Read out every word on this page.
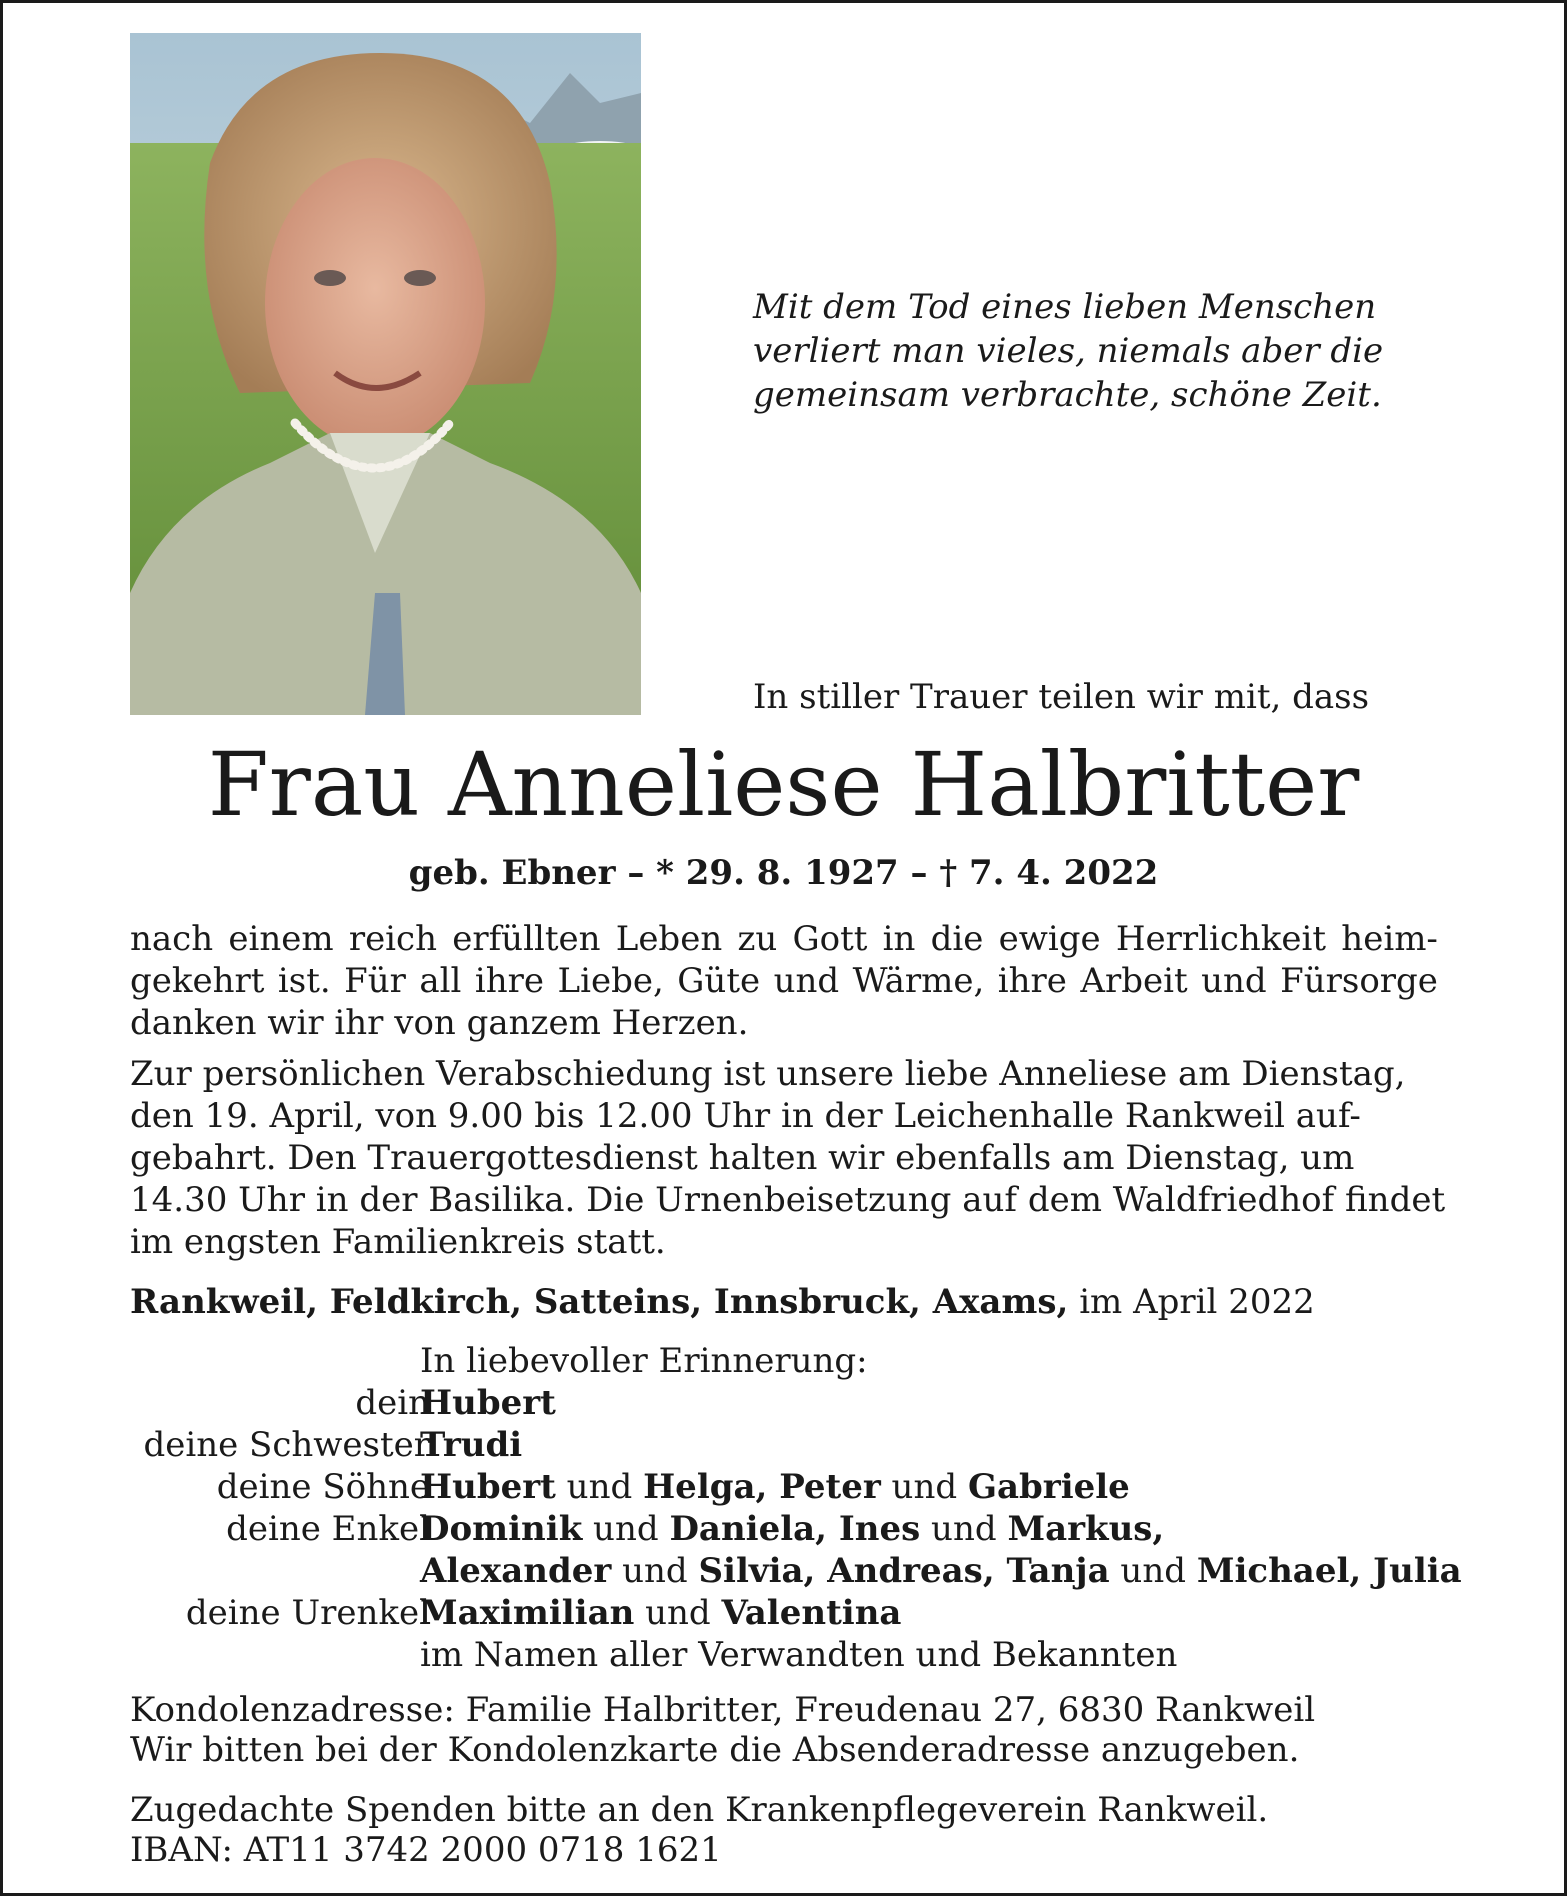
Mit dem Tod eines lieben Menschen
verliert man vieles, niemals aber die
gemeinsam verbrachte, schöne Zeit.
In stiller Trauer teilen wir mit, dass
Frau Anneliese Halbritter
geb. Ebner – * 29. 8. 1927 – † 7. 4. 2022
nach einem reich erfüllten Leben zu Gott in die ewige Herrlichkeit heim-
gekehrt ist. Für all ihre Liebe, Güte und Wärme, ihre Arbeit und Fürsorge
danken wir ihr von ganzem Herzen.
Zur persönlichen Verabschiedung ist unsere liebe Anneliese am Dienstag,
den 19. April, von 9.00 bis 12.00 Uhr in der Leichenhalle Rankweil auf-
gebahrt. Den Trauergottesdienst halten wir ebenfalls am Dienstag, um
14.30 Uhr in der Basilika. Die Urnenbeisetzung auf dem Waldfriedhof findet
im engsten Familienkreis statt.
Rankweil, Feldkirch, Satteins, Innsbruck, Axams, im April 2022
In liebevoller Erinnerung:
dein
Hubert
deine Schwester
Trudi
deine Söhne
Hubert und Helga, Peter und Gabriele
deine Enkel
Dominik und Daniela, Ines und Markus,
Alexander und Silvia, Andreas, Tanja und Michael, Julia
deine Urenkel
Maximilian und Valentina
im Namen aller Verwandten und Bekannten
Kondolenzadresse: Familie Halbritter, Freudenau 27, 6830 Rankweil
Wir bitten bei der Kondolenzkarte die Absenderadresse anzugeben.
Zugedachte Spenden bitte an den Krankenpflegeverein Rankweil.
IBAN: AT11 3742 2000 0718 1621
